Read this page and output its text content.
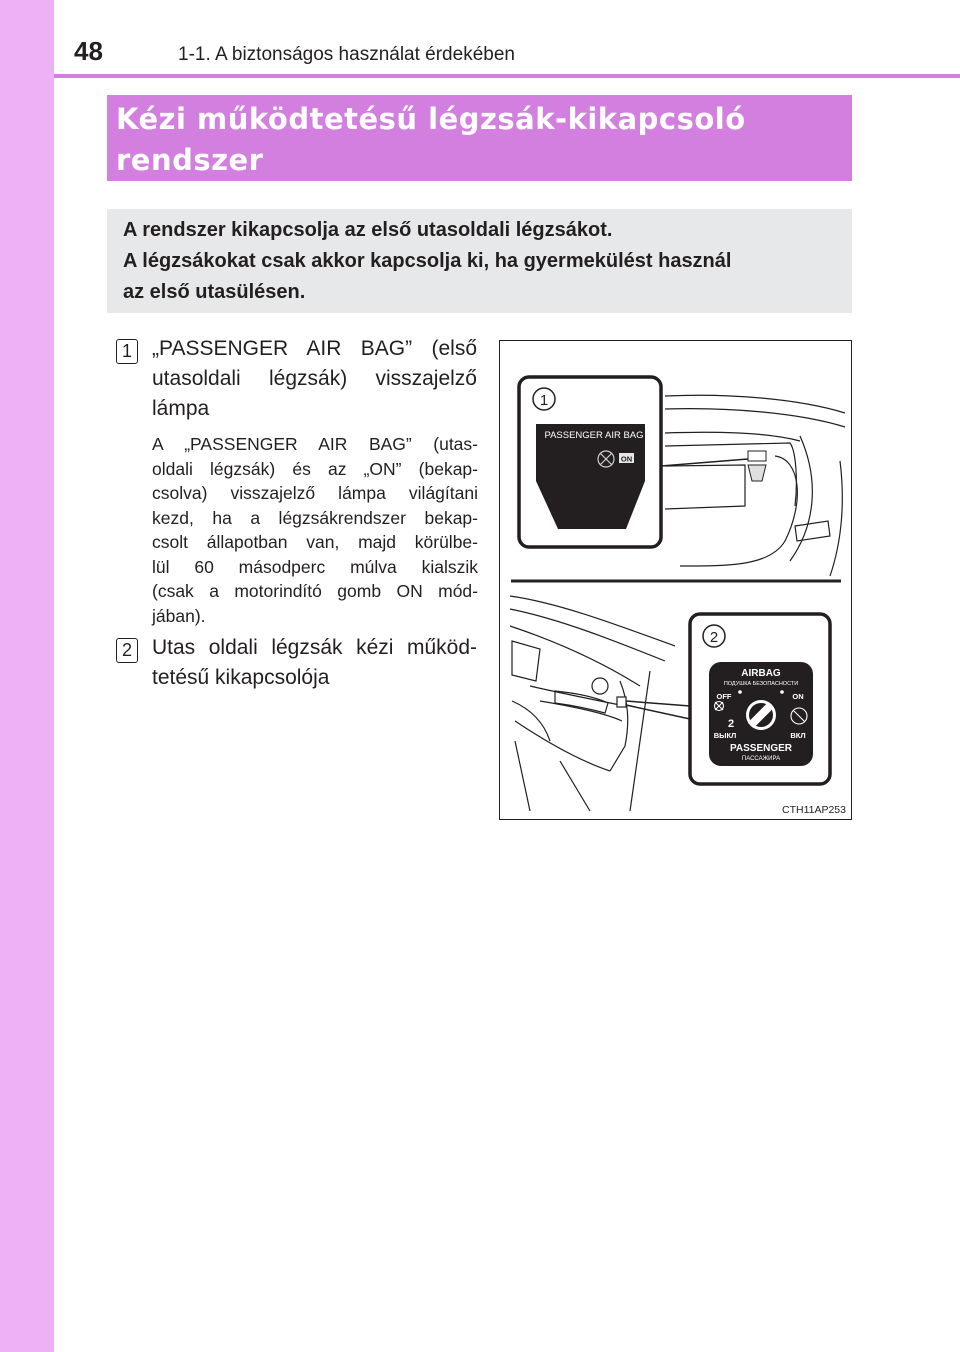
48	1-1. A biztonságos használat érdekében
Kézi működtetésű légzsák-kikapcsoló
rendszer

A rendszer kikapcsolja az első utasoldali légzsákot.

A légzsákokat csak akkor kapcsolja ki, ha gyermekülést használ

az első utasülésen.

1 „PASSENGER AIR BAG” (első
utasoldali légzsák) visszajelző
lámpa
A „PASSENGER AIR BAG” (utas-
oldali légzsák) és az „ON” (bekap-
csolva) visszajelző lámpa világítani
kezd, ha a légzsákrendszer bekap-
csolt állapotban van, majd körülbe-
lül 60 másodperc múlva kialszik
(csak a motorindító gomb ON mód-
jában).
2 Utas oldali légzsák kézi működ-
tetésű kikapcsolója
1
PASSENGER AIR BAG
ON
2
AIRBAG
ПОДУШКА БЕЗОПАСНОСТИ
OFF	ON
2
ВЫКЛ	ВКЛ
PASSENGER
ПАССАЖИРА
CTH11AP253
